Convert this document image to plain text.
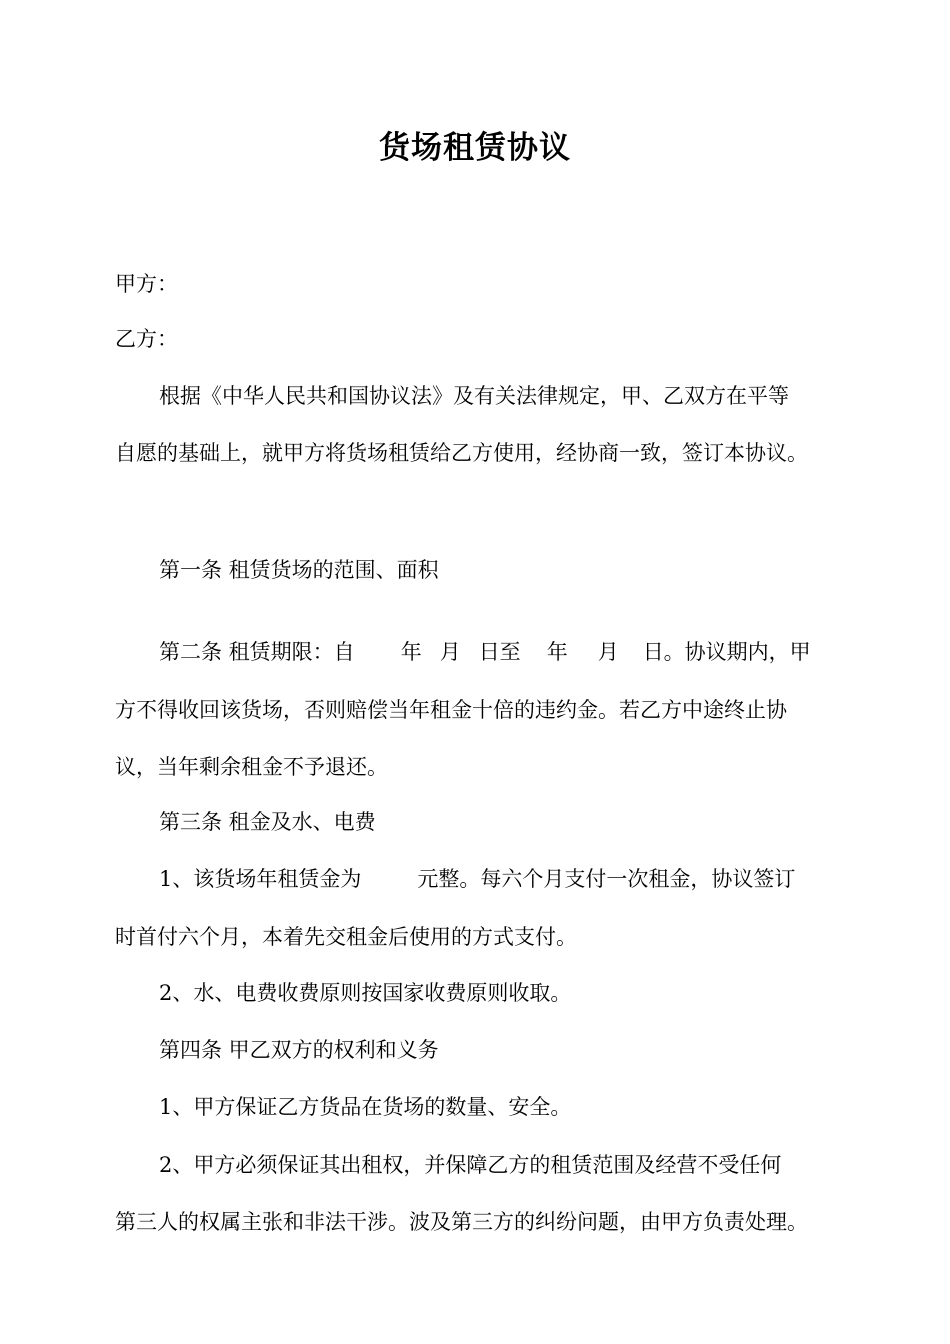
货场租赁协议
甲方：
乙方：
根据《中华人民共和国协议法》及有关法律规定，甲、乙双方在平等
自愿的基础上，就甲方将货场租赁给乙方使用，经协商一致，签订本协议。
第一条 租赁货场的范围、面积
第二条 租赁期限：自 年 月 日至 年 月 日。协议期内，甲
方不得收回该货场，否则赔偿当年租金十倍的违约金。若乙方中途终止协
议，当年剩余租金不予退还。
第三条 租金及水、电费
1、该货场年租赁金为	元整。每六个月支付一次租金，协议签订
时首付六个月，本着先交租金后使用的方式支付。
2、水、电费收费原则按国家收费原则收取。
第四条 甲乙双方的权利和义务
1、甲方保证乙方货品在货场的数量、安全。
2、甲方必须保证其出租权，并保障乙方的租赁范围及经营不受任何
第三人的权属主张和非法干涉。波及第三方的纠纷问题，由甲方负责处理。
